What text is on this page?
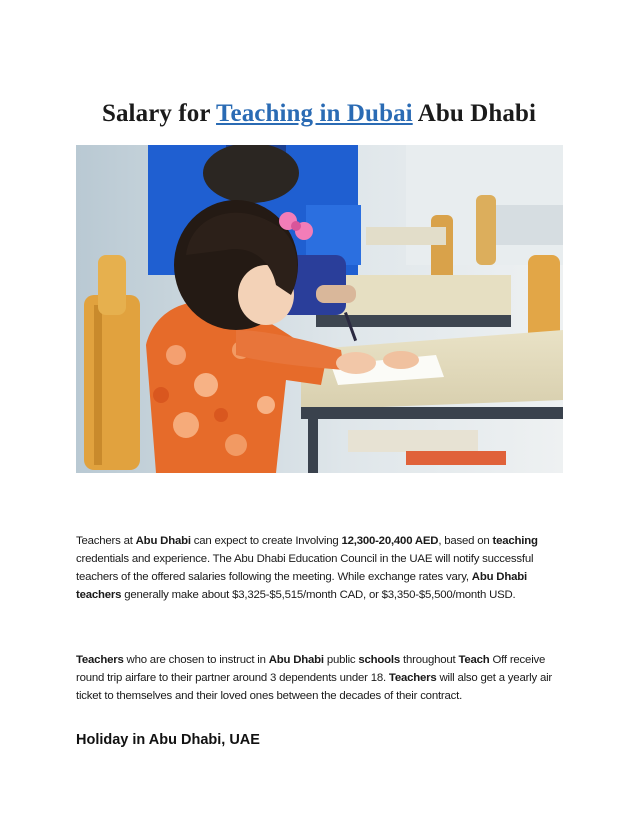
Salary for Teaching in Dubai Abu Dhabi
Teachers at Abu Dhabi can expect to create Involving 12,300-20,400 AED, based on teaching credentials and experience. The Abu Dhabi Education Council in the UAE will notify successful teachers of the offered salaries following the meeting. While exchange rates vary, Abu Dhabi teachers generally make about $3,325-$5,515/month CAD, or $3,350-$5,500/month USD.
Teachers who are chosen to instruct in Abu Dhabi public schools throughout Teach Off receive round trip airfare to their partner around 3 dependents under 18. Teachers will also get a yearly air ticket to themselves and their loved ones between the decades of their contract.
Holiday in Abu Dhabi, UAE
